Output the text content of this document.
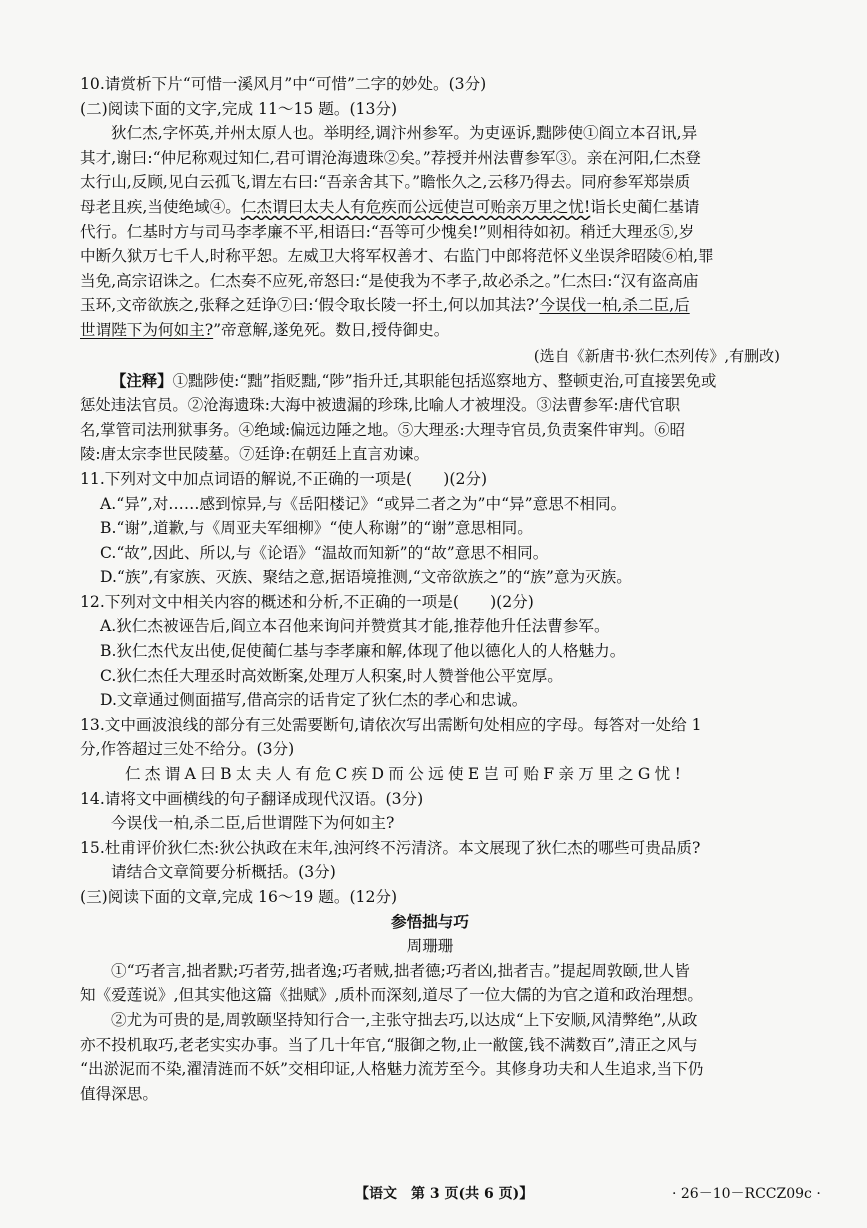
10.请赏析下片“可惜一溪风月”中“可惜”二字的妙处。(3分)
(二)阅读下面的文字,完成 11～15 题。(13分)
狄仁杰,字怀英,并州太原人也。举明经,调汴州参军。为吏诬诉,黜陟使①阎立本召讯,异
其才,谢曰:“仲尼称观过知仁,君可谓沧海遗珠②矣。”荐授并州法曹参军③。亲在河阳,仁杰登
太行山,反顾,见白云孤飞,谓左右曰:“吾亲舍其下。”瞻怅久之,云移乃得去。同府参军郑崇质
母老且疾,当使绝域④。仁杰谓曰太夫人有危疾而公远使岂可贻亲万里之忧!诣长史蔺仁基请
代行。仁基时方与司马李孝廉不平,相语曰:“吾等可少愧矣!”则相待如初。稍迁大理丞⑤,岁
中断久狱万七千人,时称平恕。左威卫大将军权善才、右监门中郎将范怀义坐误斧昭陵⑥柏,罪
当免,高宗诏诛之。仁杰奏不应死,帝怒曰:“是使我为不孝子,故必杀之。”仁杰曰:“汉有盗高庙
玉环,文帝欲族之,张释之廷诤⑦曰:‘假令取长陵一抔土,何以加其法?’今误伐一柏,杀二臣,后
世谓陛下为何如主?”帝意解,遂免死。数日,授侍御史。
(选自《新唐书·狄仁杰列传》,有删改)
【注释】①黜陟使:“黜”指贬黜,“陟”指升迁,其职能包括巡察地方、整顿吏治,可直接罢免或
惩处违法官员。②沧海遗珠:大海中被遗漏的珍珠,比喻人才被埋没。③法曹参军:唐代官职
名,掌管司法刑狱事务。④绝域:偏远边陲之地。⑤大理丞:大理寺官员,负责案件审判。⑥昭
陵:唐太宗李世民陵墓。⑦廷诤:在朝廷上直言劝谏。
11.下列对文中加点词语的解说,不正确的一项是(　　)(2分)
A.“异”,对……感到惊异,与《岳阳楼记》“或异二者之为”中“异”意思不相同。
B.“谢”,道歉,与《周亚夫军细柳》“使人称谢”的“谢”意思相同。
C.“故”,因此、所以,与《论语》“温故而知新”的“故”意思不相同。
D.“族”,有家族、灭族、聚结之意,据语境推测,“文帝欲族之”的“族”意为灭族。
12.下列对文中相关内容的概述和分析,不正确的一项是(　　)(2分)
A.狄仁杰被诬告后,阎立本召他来询问并赞赏其才能,推荐他升任法曹参军。
B.狄仁杰代友出使,促使蔺仁基与李孝廉和解,体现了他以德化人的人格魅力。
C.狄仁杰任大理丞时高效断案,处理万人积案,时人赞誉他公平宽厚。
D.文章通过侧面描写,借高宗的话肯定了狄仁杰的孝心和忠诚。
13.文中画波浪线的部分有三处需要断句,请依次写出需断句处相应的字母。每答对一处给 1
分,作答超过三处不给分。(3分)
仁杰谓A曰B太夫人有危C疾D而公远使E岂可贻F亲万里之G忧!
14.请将文中画横线的句子翻译成现代汉语。(3分)
今误伐一柏,杀二臣,后世谓陛下为何如主?
15.杜甫评价狄仁杰:狄公执政在末年,浊河终不污清济。本文展现了狄仁杰的哪些可贵品质?
请结合文章简要分析概括。(3分)
(三)阅读下面的文章,完成 16～19 题。(12分)
参悟拙与巧
周珊珊
①“巧者言,拙者默;巧者劳,拙者逸;巧者贼,拙者德;巧者凶,拙者吉。”提起周敦颐,世人皆
知《爱莲说》,但其实他这篇《拙赋》,质朴而深刻,道尽了一位大儒的为官之道和政治理想。
②尤为可贵的是,周敦颐坚持知行合一,主张守拙去巧,以达成“上下安顺,风清弊绝”,从政
亦不投机取巧,老老实实办事。当了几十年官,“服御之物,止一敝箧,钱不满数百”,清正之风与
“出淤泥而不染,濯清涟而不妖”交相印证,人格魅力流芳至今。其修身功夫和人生追求,当下仍
值得深思。
【语文　第 3 页(共 6 页)】	· 26－10－RCCZ09c ·
